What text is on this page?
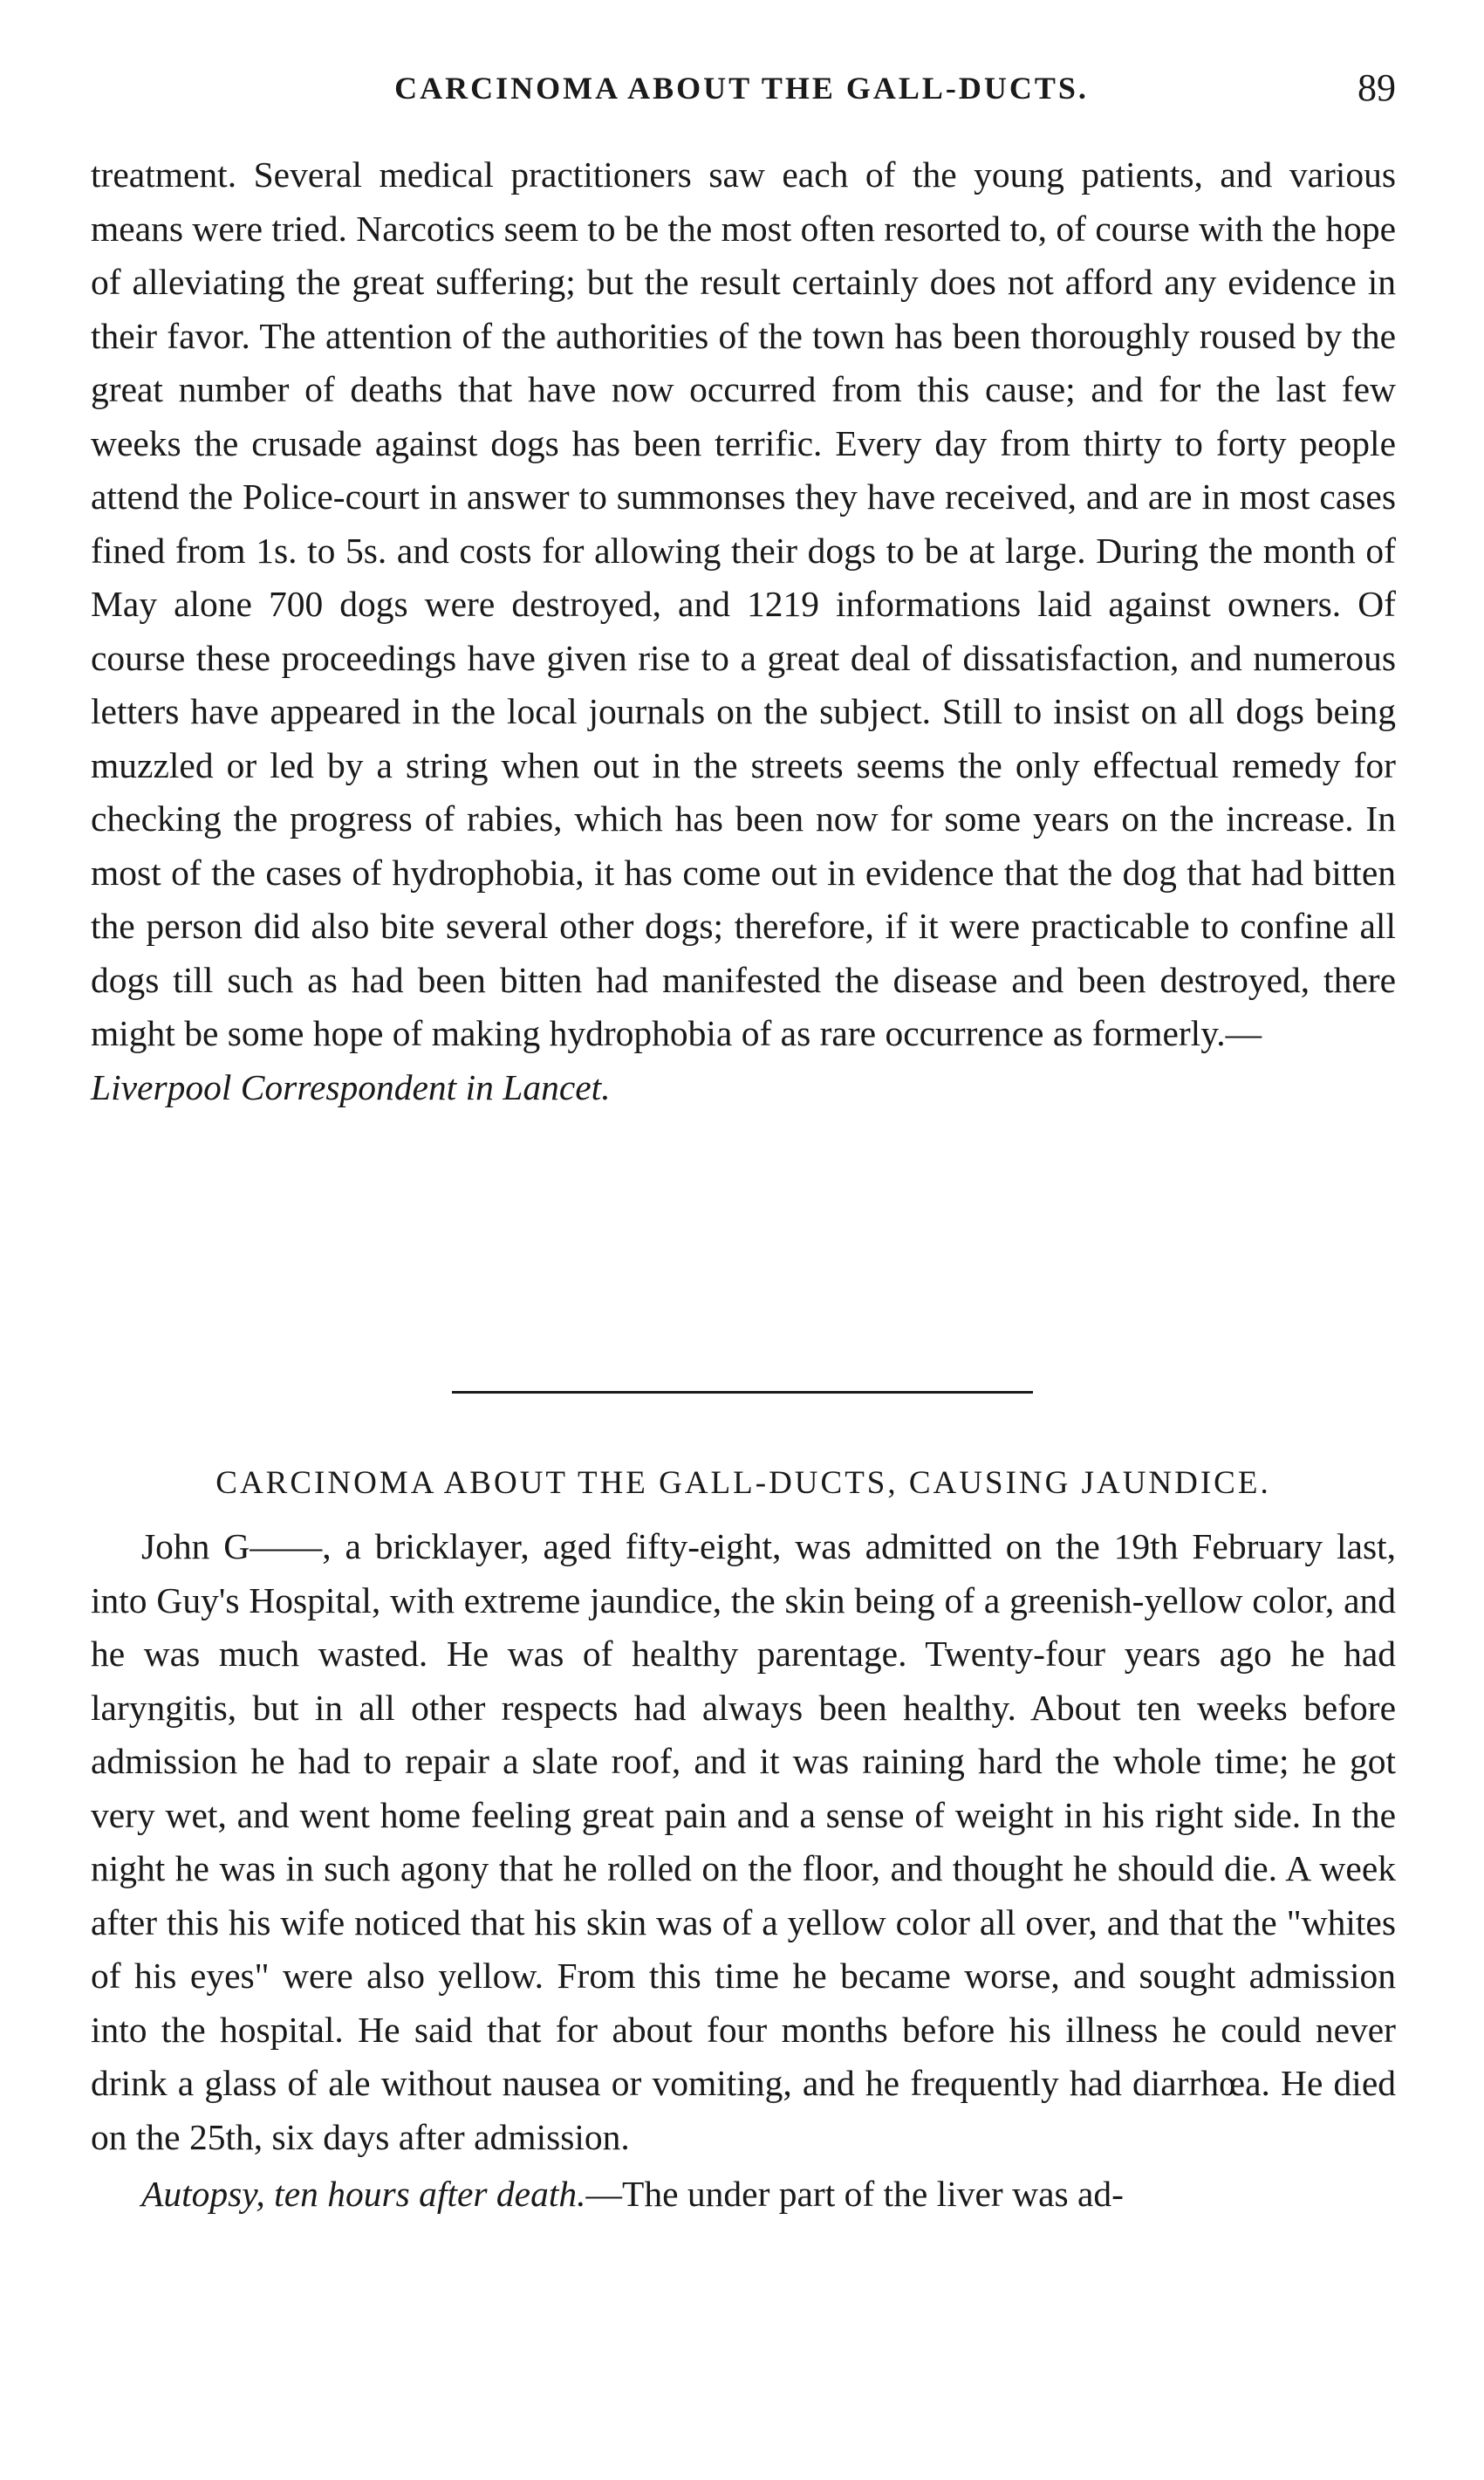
CARCINOMA ABOUT THE GALL-DUCTS.	89

treatment. Several medical practitioners saw each of the young patients, and various means were tried. Narcotics seem to be the most often resorted to, of course with the hope of alleviating the great suffering; but the result certainly does not afford any evidence in their favor. The attention of the authorities of the town has been thoroughly roused by the great number of deaths that have now occurred from this cause; and for the last few weeks the crusade against dogs has been terrific. Every day from thirty to forty people attend the Police-court in answer to summonses they have received, and are in most cases fined from 1s. to 5s. and costs for allowing their dogs to be at large. During the month of May alone 700 dogs were destroyed, and 1219 informations laid against owners. Of course these proceedings have given rise to a great deal of dissatisfaction, and numerous letters have appeared in the local journals on the subject. Still to insist on all dogs being muzzled or led by a string when out in the streets seems the only effectual remedy for checking the progress of rabies, which has been now for some years on the increase. In most of the cases of hydrophobia, it has come out in evidence that the dog that had bitten the person did also bite several other dogs; therefore, if it were practicable to confine all dogs till such as had been bitten had manifested the disease and been destroyed, there might be some hope of making hydrophobia of as rare occurrence as formerly.—
Liverpool Correspondent in Lancet.

CARCINOMA ABOUT THE GALL-DUCTS, CAUSING JAUNDICE.

John G——, a bricklayer, aged fifty-eight, was admitted on the 19th February last, into Guy's Hospital, with extreme jaundice, the skin being of a greenish-yellow color, and he was much wasted. He was of healthy parentage. Twenty-four years ago he had laryngitis, but in all other respects had always been healthy. About ten weeks before admission he had to repair a slate roof, and it was raining hard the whole time; he got very wet, and went home feeling great pain and a sense of weight in his right side. In the night he was in such agony that he rolled on the floor, and thought he should die. A week after this his wife noticed that his skin was of a yellow color all over, and that the "whites of his eyes" were also yellow. From this time he became worse, and sought admission into the hospital. He said that for about four months before his illness he could never drink a glass of ale without nausea or vomiting, and he frequently had diarrhœa. He died on the 25th, six days after admission.

Autopsy, ten hours after death.—The under part of the liver was ad-
